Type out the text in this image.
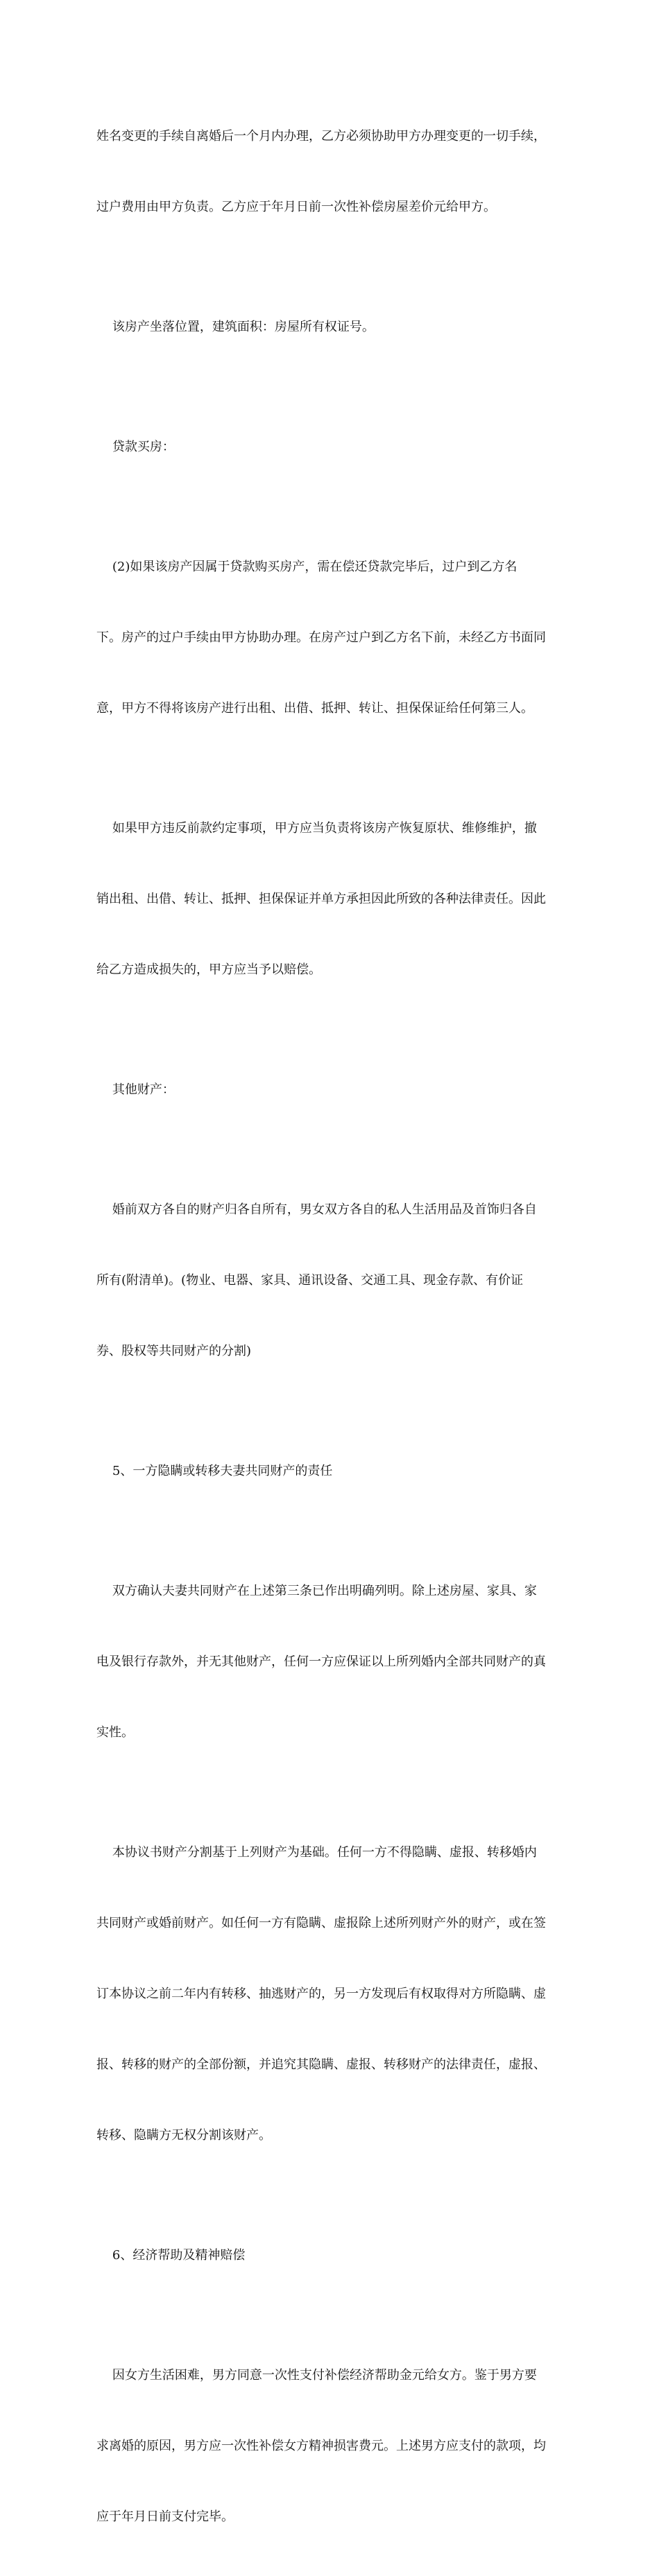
姓名变更的手续自离婚后一个月内办理，乙方必须协助甲方办理变更的一切手续，

过户费用由甲方负责。乙方应于年月日前一次性补偿房屋差价元给甲方。

该房产坐落位置，建筑面积：房屋所有权证号。

贷款买房：

(2)如果该房产因属于贷款购买房产，需在偿还贷款完毕后，过户到乙方名

下。房产的过户手续由甲方协助办理。在房产过户到乙方名下前，未经乙方书面同

意，甲方不得将该房产进行出租、出借、抵押、转让、担保保证给任何第三人。

如果甲方违反前款约定事项，甲方应当负责将该房产恢复原状、维修维护，撤

销出租、出借、转让、抵押、担保保证并单方承担因此所致的各种法律责任。因此

给乙方造成损失的，甲方应当予以赔偿。

其他财产：

婚前双方各自的财产归各自所有，男女双方各自的私人生活用品及首饰归各自

所有(附清单)。(物业、电器、家具、通讯设备、交通工具、现金存款、有价证

券、股权等共同财产的分割)

5、一方隐瞒或转移夫妻共同财产的责任

双方确认夫妻共同财产在上述第三条已作出明确列明。除上述房屋、家具、家

电及银行存款外，并无其他财产，任何一方应保证以上所列婚内全部共同财产的真

实性。

本协议书财产分割基于上列财产为基础。任何一方不得隐瞒、虚报、转移婚内

共同财产或婚前财产。如任何一方有隐瞒、虚报除上述所列财产外的财产，或在签

订本协议之前二年内有转移、抽逃财产的，另一方发现后有权取得对方所隐瞒、虚

报、转移的财产的全部份额，并追究其隐瞒、虚报、转移财产的法律责任，虚报、

转移、隐瞒方无权分割该财产。

6、经济帮助及精神赔偿

因女方生活困难，男方同意一次性支付补偿经济帮助金元给女方。鉴于男方要

求离婚的原因，男方应一次性补偿女方精神损害费元。上述男方应支付的款项，均

应于年月日前支付完毕。
